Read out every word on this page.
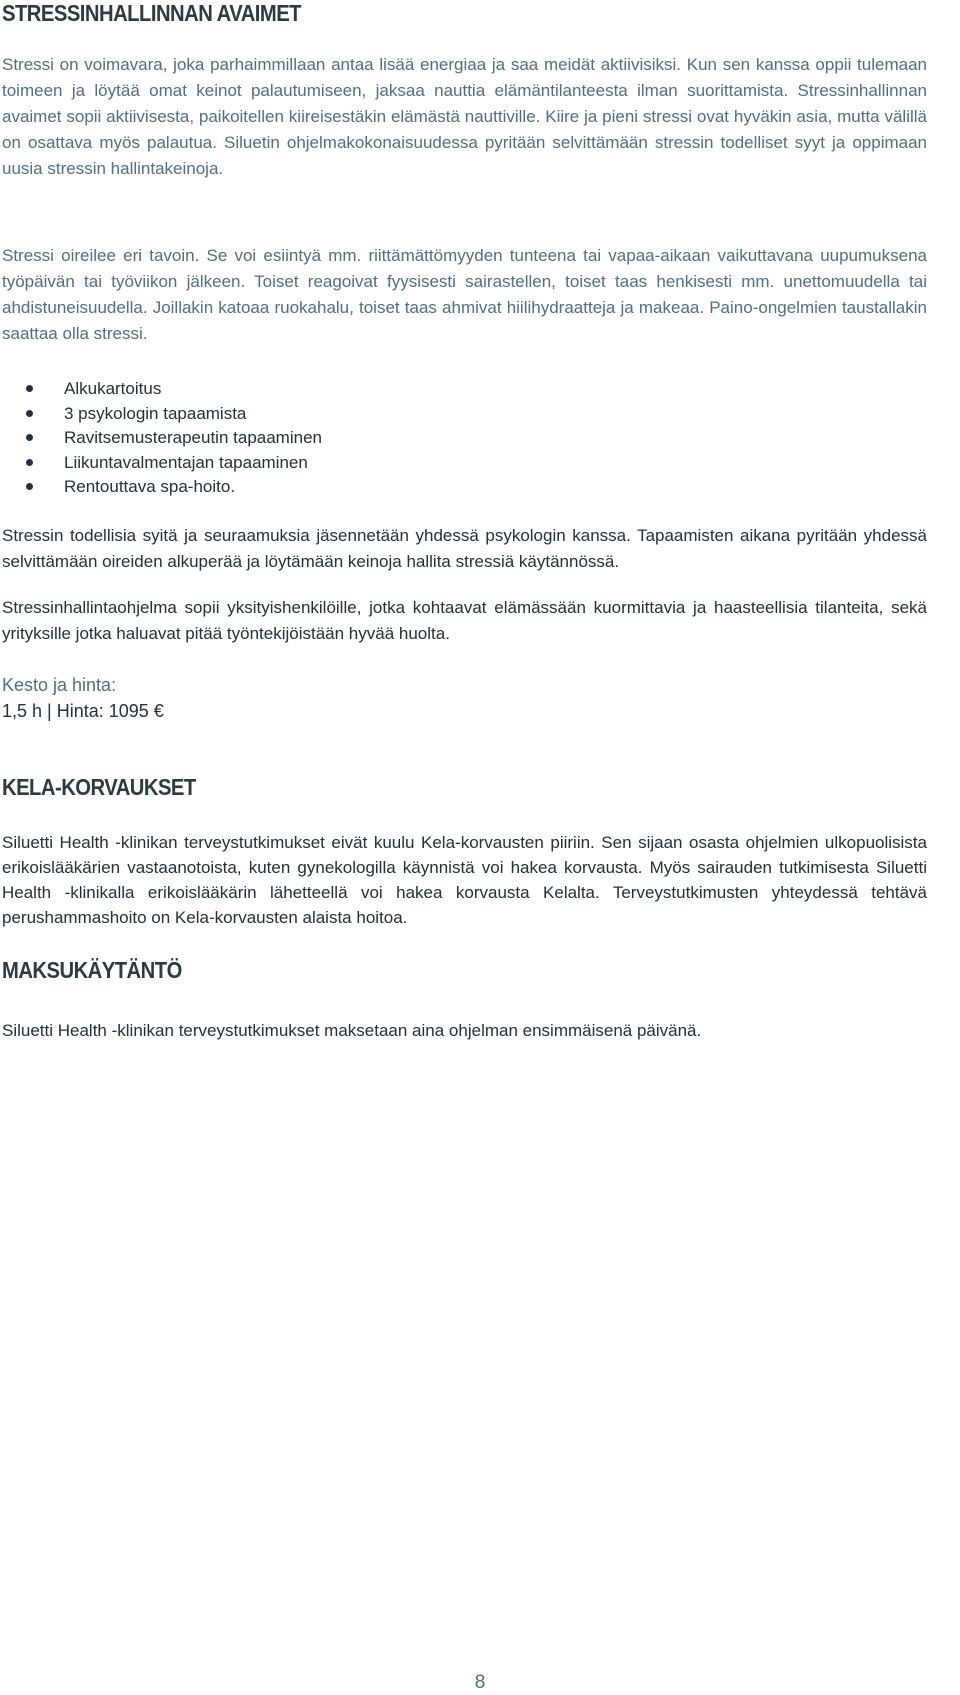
STRESSINHALLINNAN AVAIMET

Stressi on voimavara, joka parhaimmillaan antaa lisää energiaa ja saa meidät aktiivisiksi. Kun sen kanssa oppii tulemaan toimeen ja löytää omat keinot palautumiseen, jaksaa nauttia elämäntilanteesta ilman suorittamista. Stressinhallinnan avaimet sopii aktiivisesta, paikoitellen kiireisestäkin elämästä nauttiville. Kiire ja pieni stressi ovat hyväkin asia, mutta välillä on osattava myös palautua. Siluetin ohjelmakokonaisuudessa pyritään selvittämään stressin todelliset syyt ja oppimaan uusia stressin hallintakeinoja.

Stressi oireilee eri tavoin. Se voi esiintyä mm. riittämättömyyden tunteena tai vapaa-aikaan vaikuttavana uupumuksena työpäivän tai työviikon jälkeen. Toiset reagoivat fyysisesti sairastellen, toiset taas henkisesti mm. unettomuudella tai ahdistuneisuudella. Joillakin katoaa ruokahalu, toiset taas ahmivat hiilihydraatteja ja makeaa. Paino-ongelmien taustallakin saattaa olla stressi.

Alkukartoitus
3 psykologin tapaamista
Ravitsemusterapeutin tapaaminen
Liikuntavalmentajan tapaaminen
Rentouttava spa-hoito.

Stressin todellisia syitä ja seuraamuksia jäsennetään yhdessä psykologin kanssa. Tapaamisten aikana pyritään yhdessä selvittämään oireiden alkuperää ja löytämään keinoja hallita stressiä käytännössä.

Stressinhallintaohjelma sopii yksityishenkilöille, jotka kohtaavat elämässään kuormittavia ja haasteellisia tilanteita, sekä yrityksille jotka haluavat pitää työntekijöistään hyvää huolta.

Kesto ja hinta:

1,5 h | Hinta: 1095 €

KELA-KORVAUKSET

Siluetti Health -klinikan terveystutkimukset eivät kuulu Kela-korvausten piiriin. Sen sijaan osasta ohjelmien ulkopuolisista erikoislääkärien vastaanotoista, kuten gynekologilla käynnistä voi hakea korvausta. Myös sairauden tutkimisesta Siluetti Health -klinikalla erikoislääkärin lähetteellä voi hakea korvausta Kelalta. Terveystutkimusten yhteydessä tehtävä perushammashoito on Kela-korvausten alaista hoitoa.

MAKSUKÄYTÄNTÖ

Siluetti Health -klinikan terveystutkimukset maksetaan aina ohjelman ensimmäisenä päivänä.

8
